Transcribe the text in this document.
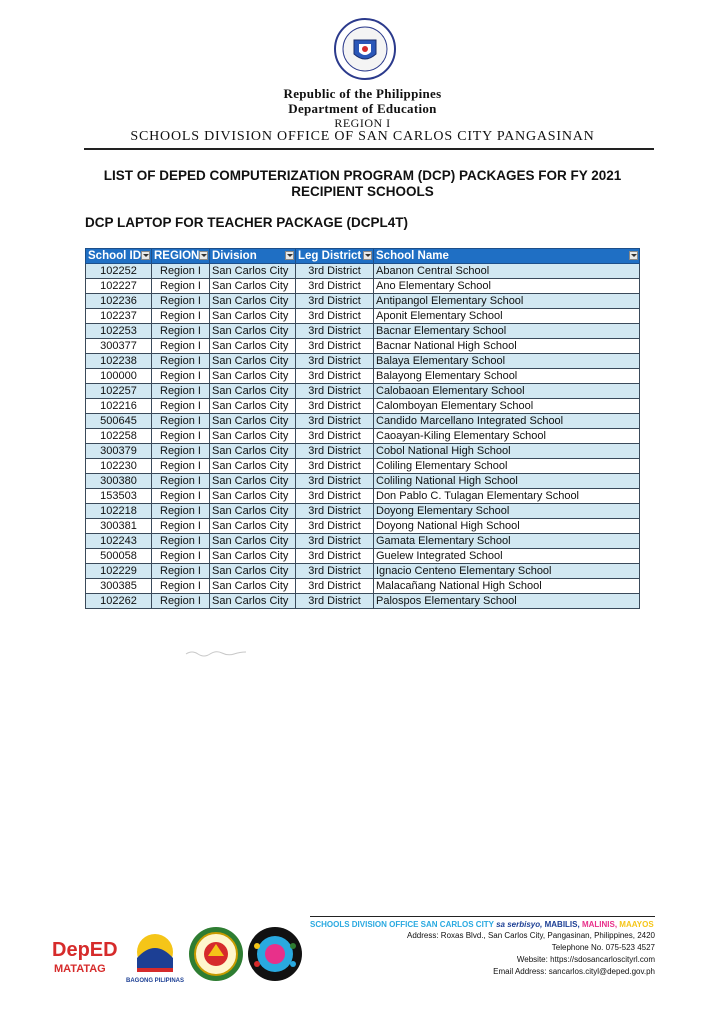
Republic of the Philippines
Department of Education
REGION I
SCHOOLS DIVISION OFFICE OF SAN CARLOS CITY PANGASINAN
LIST OF DEPED COMPUTERIZATION PROGRAM (DCP) PACKAGES FOR FY 2021
RECIPIENT SCHOOLS
DCP LAPTOP FOR TEACHER PACKAGE (DCPL4T)
School ID	REGION	Division	Leg District	School Name

102252	Region I	San Carlos City	3rd District	Abanon Central School
102227	Region I	San Carlos City	3rd District	Ano Elementary School
102236	Region I	San Carlos City	3rd District	Antipangol Elementary School
102237	Region I	San Carlos City	3rd District	Aponit Elementary School
102253	Region I	San Carlos City	3rd District	Bacnar Elementary School
300377	Region I	San Carlos City	3rd District	Bacnar National High School
102238	Region I	San Carlos City	3rd District	Balaya Elementary School
100000	Region I	San Carlos City	3rd District	Balayong Elementary School
102257	Region I	San Carlos City	3rd District	Calobaoan Elementary School
102216	Region I	San Carlos City	3rd District	Calomboyan Elementary School
500645	Region I	San Carlos City	3rd District	Candido Marcellano Integrated School
102258	Region I	San Carlos City	3rd District	Caoayan-Kiling Elementary School
300379	Region I	San Carlos City	3rd District	Cobol National High School
102230	Region I	San Carlos City	3rd District	Coliling Elementary School
300380	Region I	San Carlos City	3rd District	Coliling National High School
153503	Region I	San Carlos City	3rd District	Don Pablo C. Tulagan Elementary School
102218	Region I	San Carlos City	3rd District	Doyong Elementary School
300381	Region I	San Carlos City	3rd District	Doyong National High School
102243	Region I	San Carlos City	3rd District	Gamata Elementary School
500058	Region I	San Carlos City	3rd District	Guelew Integrated School
102229	Region I	San Carlos City	3rd District	Ignacio Centeno Elementary School
300385	Region I	San Carlos City	3rd District	Malacañang National High School
102262	Region I	San Carlos City	3rd District	Palospos Elementary School
DepED
MATATAG
BAGONG PILIPINAS
SCHOOLS DIVISION OFFICE SAN CARLOS CITY sa serbisyo, MABILIS, MALINIS, MAAYOS
Address: Roxas Blvd., San Carlos City, Pangasinan, Philippines, 2420
Telephone No. 075-523 4527
Website: https://sdosancarloscityrl.com
Email Address: sancarlos.cityl@deped.gov.ph
